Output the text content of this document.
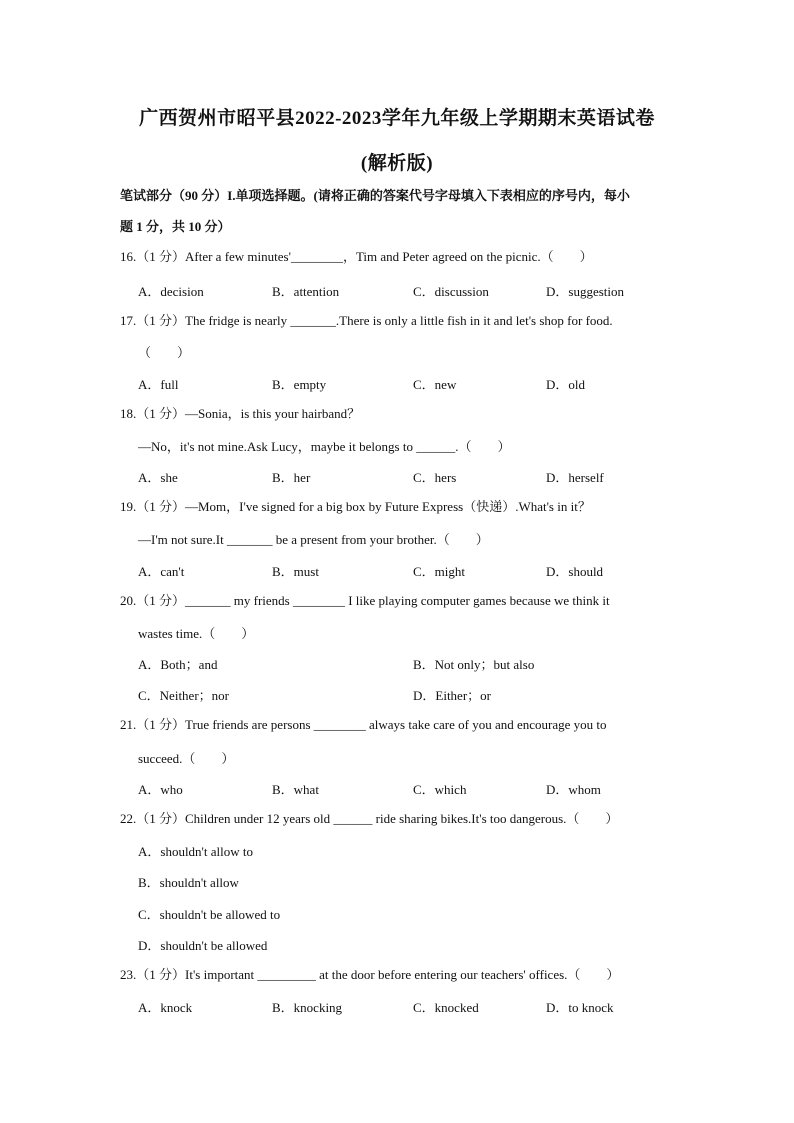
广西贺州市昭平县2022-2023学年九年级上学期期末英语试卷
(解析版)
笔试部分（90 分）I.单项选择题。(请将正确的答案代号字母填入下表相应的序号内，每小
题 1 分，共 10 分）
16.（1 分）After a few minutes'________，Tim and Peter agreed on the picnic.（　　）
A．decision	B．attention	C．discussion	D．suggestion
17.（1 分）The fridge is nearly _______.There is only a little fish in it and let's shop for food.
（　　）
A．full	B．empty	C．new	D．old
18.（1 分）—Sonia，is this your hairband？
—No，it's not mine.Ask Lucy，maybe it belongs to ______.（　　）
A．she	B．her	C．hers	D．herself
19.（1 分）—Mom，I've signed for a big box by Future Express（快递）.What's in it？
—I'm not sure.It _______ be a present from your brother.（　　）
A．can't	B．must	C．might	D．should
20.（1 分）_______ my friends ________ I like playing computer games because we think it
wastes time.（　　）
A．Both；and	B．Not only；but also
C．Neither；nor	D．Either；or
21.（1 分）True friends are persons ________ always take care of you and encourage you to
succeed.（　　）
A．who	B．what	C．which	D．whom
22.（1 分）Children under 12 years old ______ ride sharing bikes.It's too dangerous.（　　）
A．shouldn't allow to
B．shouldn't allow
C．shouldn't be allowed to
D．shouldn't be allowed
23.（1 分）It's important _________ at the door before entering our teachers' offices.（　　）
A．knock	B．knocking	C．knocked	D．to knock
